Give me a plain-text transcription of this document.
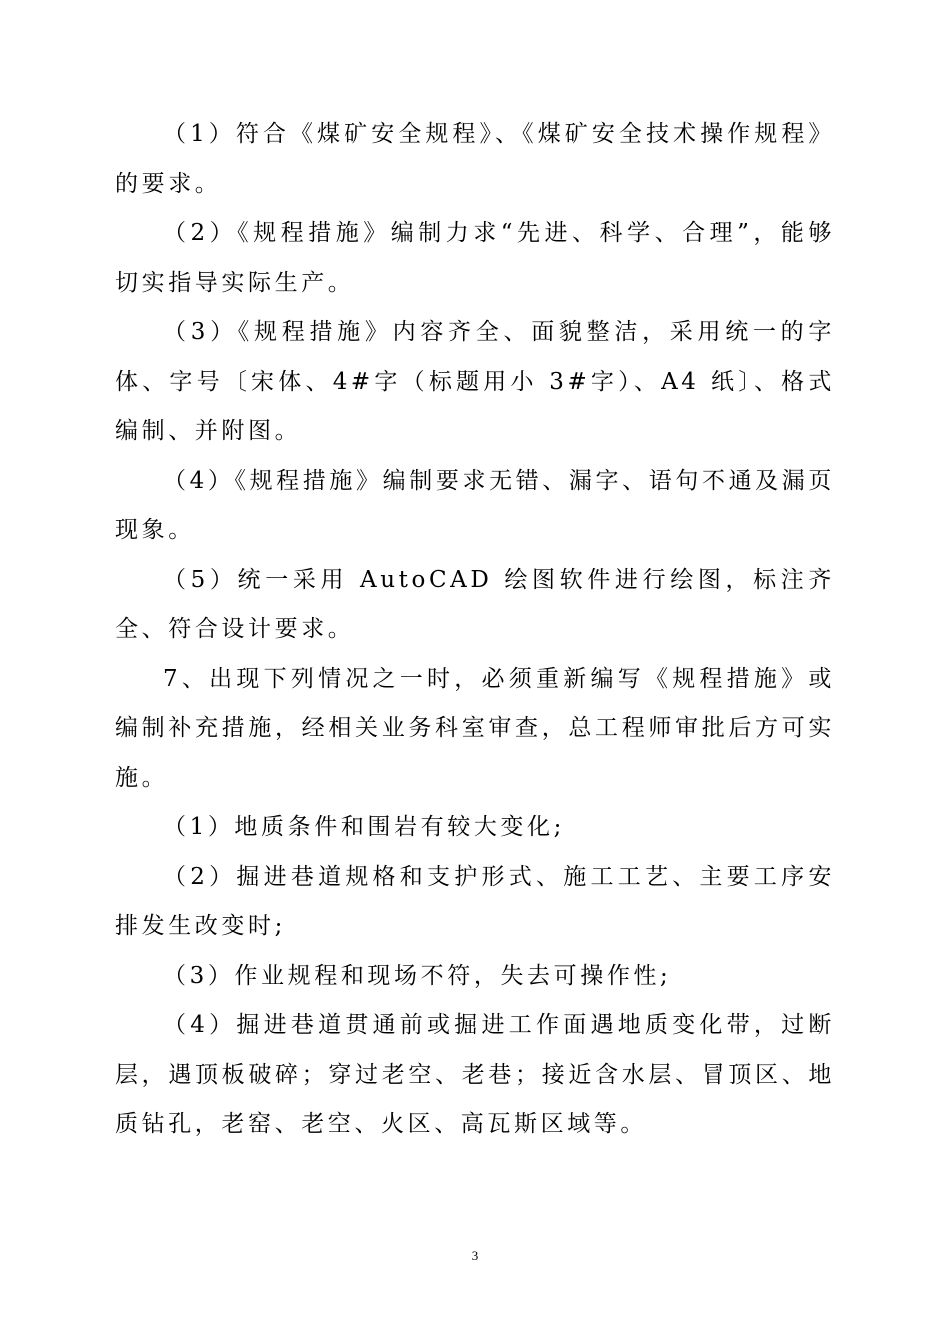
（1）符合《煤矿安全规程》、《煤矿安全技术操作规程》的要求。

（2）《规程措施》编制力求“先进、科学、合理”，能够切实指导实际生产。

（3）《规程措施》内容齐全、面貌整洁，采用统一的字体、字号〔宋体、4#字（标题用小 3#字）、A4 纸〕、格式编制、并附图。

（4）《规程措施》编制要求无错、漏字、语句不通及漏页现象。

（5）统一采用 AutoCAD 绘图软件进行绘图，标注齐全、符合设计要求。

7、出现下列情况之一时，必须重新编写《规程措施》或编制补充措施，经相关业务科室审查，总工程师审批后方可实施。

（1）地质条件和围岩有较大变化;

（2）掘进巷道规格和支护形式、施工工艺、主要工序安排发生改变时;

（3）作业规程和现场不符，失去可操作性;

（4）掘进巷道贯通前或掘进工作面遇地质变化带，过断层，遇顶板破碎；穿过老空、老巷；接近含水层、冒顶区、地质钻孔，老窑、老空、火区、高瓦斯区域等。

3
